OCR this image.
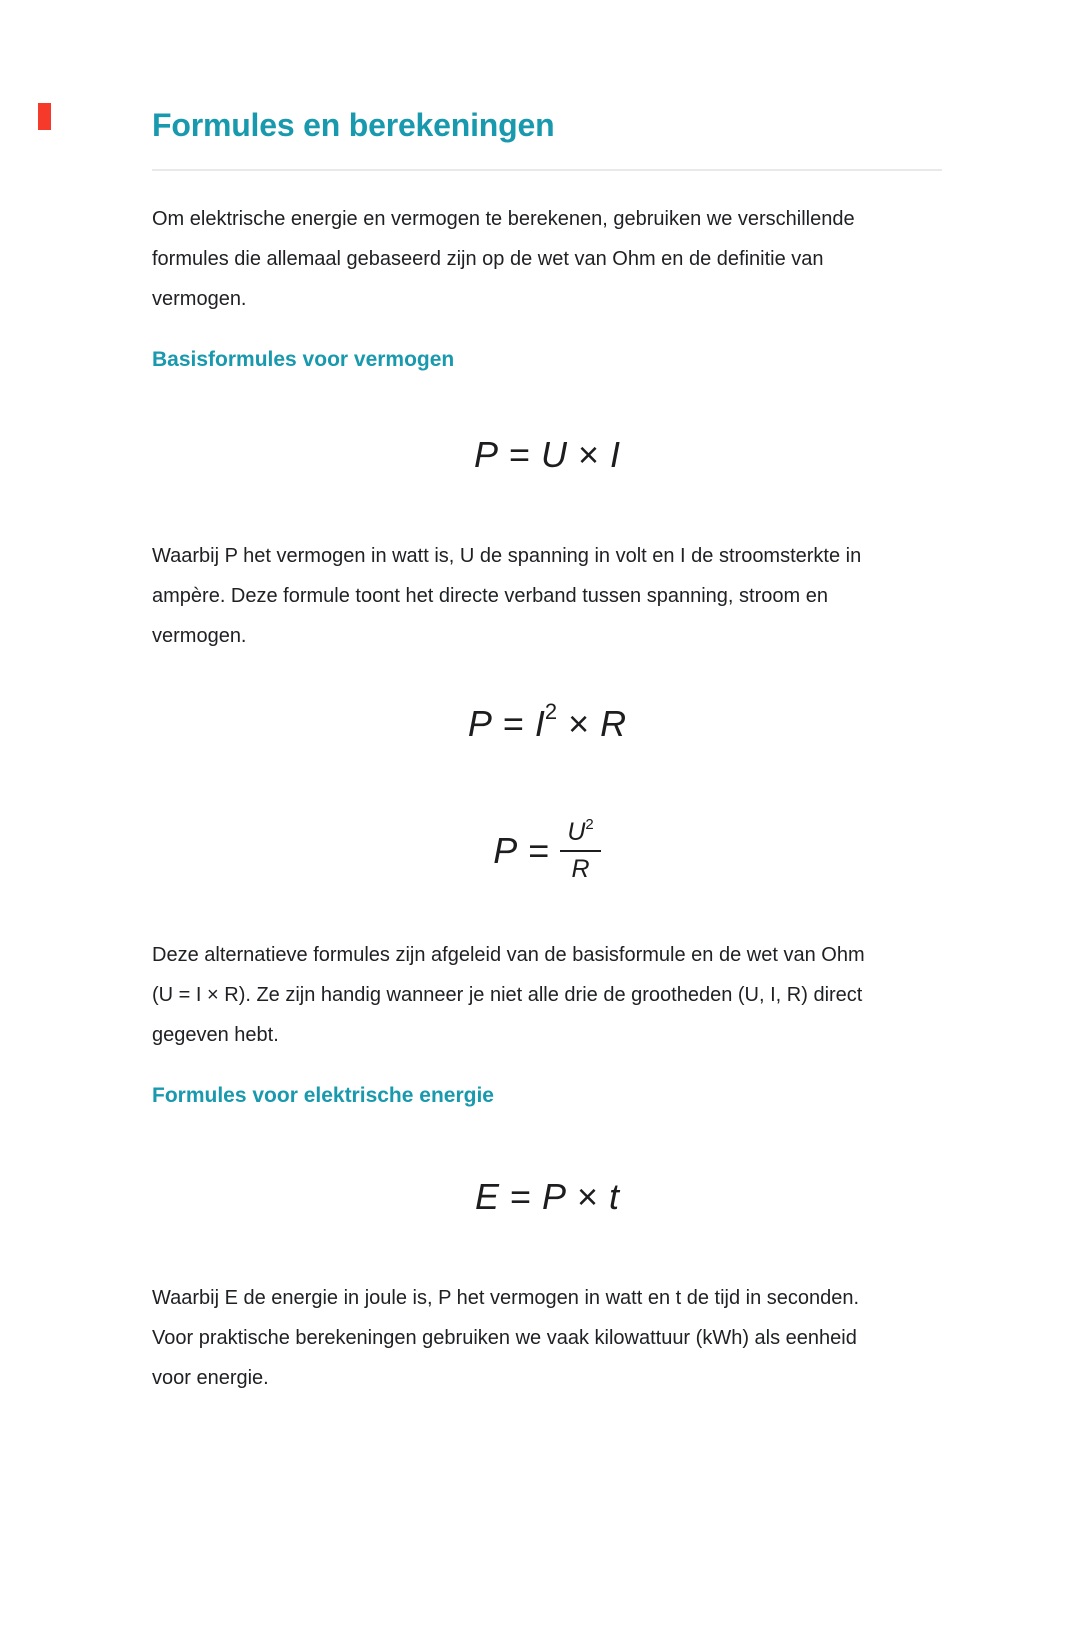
Formules en berekeningen
Om elektrische energie en vermogen te berekenen, gebruiken we verschillende
formules die allemaal gebaseerd zijn op de wet van Ohm en de definitie van
vermogen.
Basisformules voor vermogen
P = U × I
Waarbij P het vermogen in watt is, U de spanning in volt en I de stroomsterkte in
ampère. Deze formule toont het directe verband tussen spanning, stroom en
vermogen.
$P = I^2 \times R$
$P = \frac{U^2}{R}$
Deze alternatieve formules zijn afgeleid van de basisformule en de wet van Ohm
(U = I × R). Ze zijn handig wanneer je niet alle drie de grootheden (U, I, R) direct
gegeven hebt.
Formules voor elektrische energie
E = P × t
Waarbij E de energie in joule is, P het vermogen in watt en t de tijd in seconden.
Voor praktische berekeningen gebruiken we vaak kilowattuur (kWh) als eenheid
voor energie.
